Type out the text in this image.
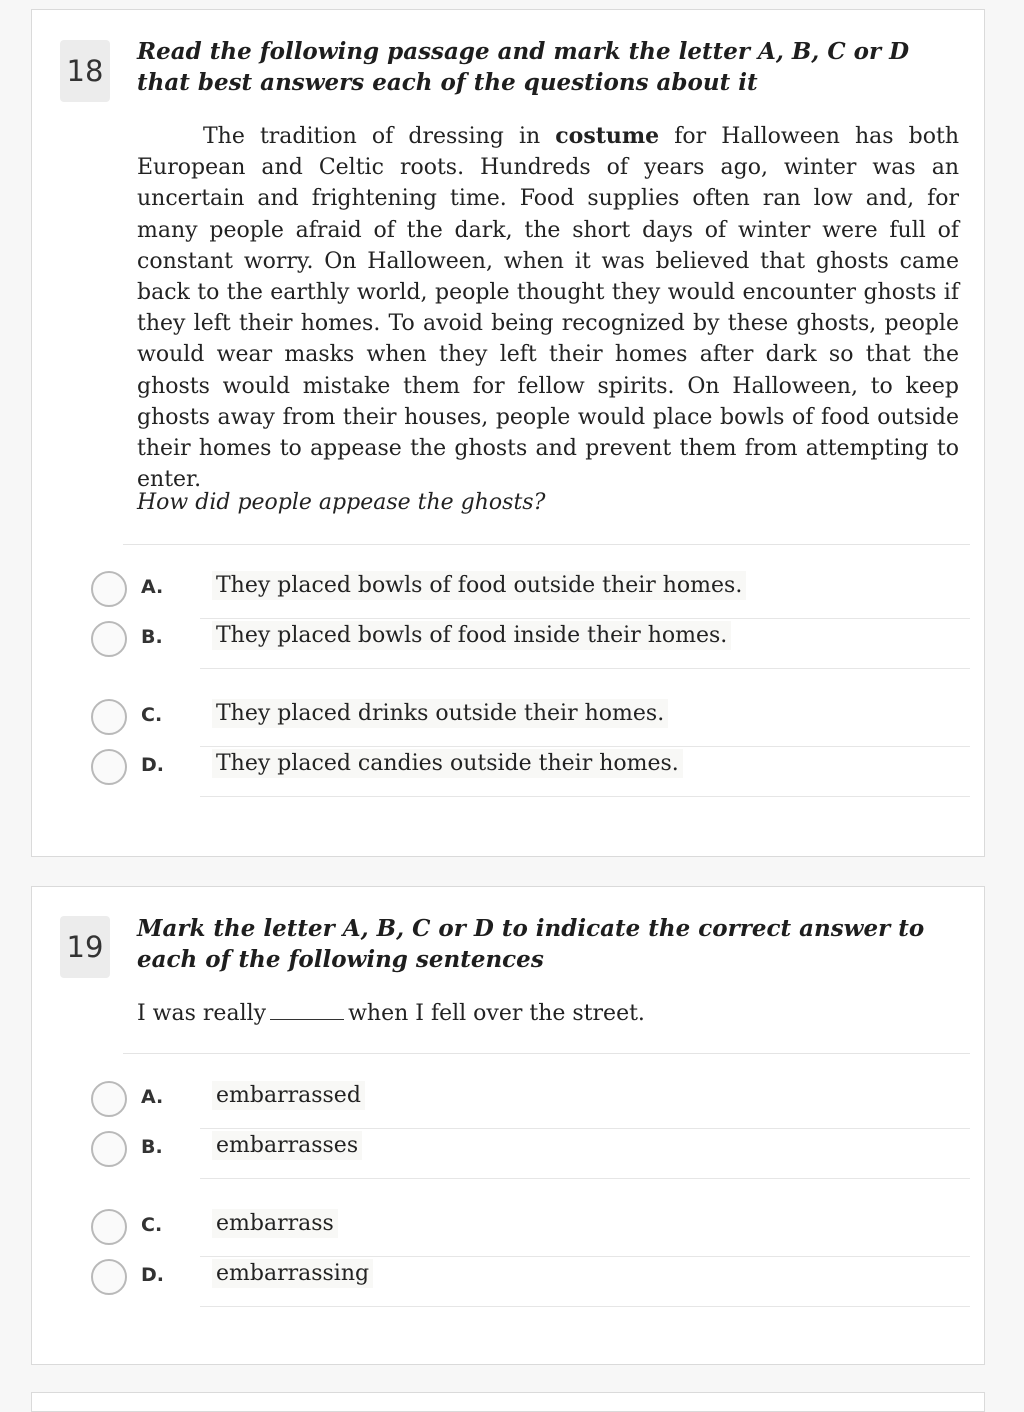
18
Read the following passage and mark the letter A, B, C or D that best answers each of the questions about it
The tradition of dressing in costume for Halloween has both European and Celtic roots. Hundreds of years ago, winter was an uncertain and frightening time. Food supplies often ran low and, for many people afraid of the dark, the short days of winter were full of constant worry. On Halloween, when it was believed that ghosts came back to the earthly world, people thought they would encounter ghosts if they left their homes. To avoid being recognized by these ghosts, people would wear masks when they left their homes after dark so that the ghosts would mistake them for fellow spirits. On Halloween, to keep ghosts away from their houses, people would place bowls of food outside their homes to appease the ghosts and prevent them from attempting to enter.
How did people appease the ghosts?
A. They placed bowls of food outside their homes.
B. They placed bowls of food inside their homes.
C. They placed drinks outside their homes.
D. They placed candies outside their homes.
19
Mark the letter A, B, C or D to indicate the correct answer to each of the following sentences
I was really	when I fell over the street.
A. embarrassed
B. embarrasses
C. embarrass
D. embarrassing
